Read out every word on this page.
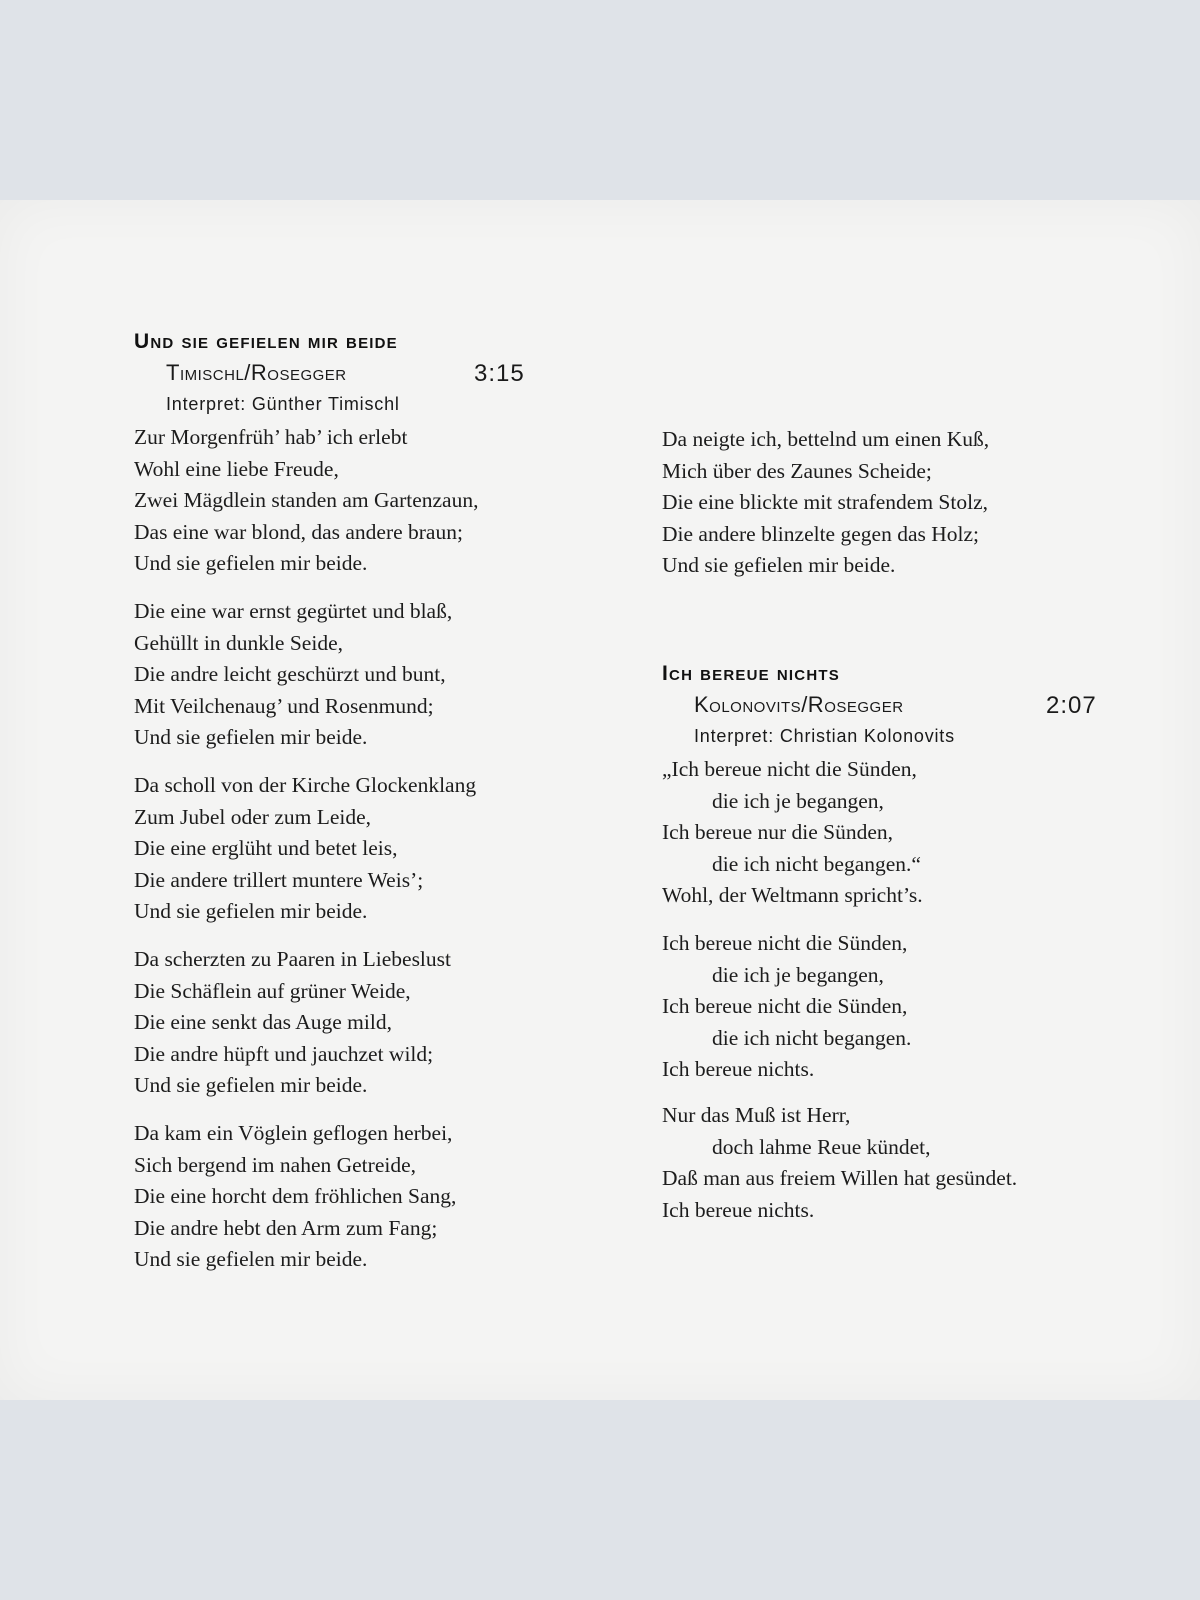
Und sie gefielen mir beide
Timischl/Rosegger	3:15
Interpret: Günther Timischl
Zur Morgenfrüh’ hab’ ich erlebt
Wohl eine liebe Freude,
Zwei Mägdlein standen am Gartenzaun,
Das eine war blond, das andere braun;
Und sie gefielen mir beide.
Die eine war ernst gegürtet und blaß,
Gehüllt in dunkle Seide,
Die andre leicht geschürzt und bunt,
Mit Veilchenaug’ und Rosenmund;
Und sie gefielen mir beide.
Da scholl von der Kirche Glockenklang
Zum Jubel oder zum Leide,
Die eine erglüht und betet leis,
Die andere trillert muntere Weis’;
Und sie gefielen mir beide.
Da scherzten zu Paaren in Liebeslust
Die Schäflein auf grüner Weide,
Die eine senkt das Auge mild,
Die andre hüpft und jauchzet wild;
Und sie gefielen mir beide.
Da kam ein Vöglein geflogen herbei,
Sich bergend im nahen Getreide,
Die eine horcht dem fröhlichen Sang,
Die andre hebt den Arm zum Fang;
Und sie gefielen mir beide.
Da neigte ich, bettelnd um einen Kuß,
Mich über des Zaunes Scheide;
Die eine blickte mit strafendem Stolz,
Die andere blinzelte gegen das Holz;
Und sie gefielen mir beide.
Ich bereue nichts
Kolonovits/Rosegger	2:07
Interpret: Christian Kolonovits
„Ich bereue nicht die Sünden,
die ich je begangen,
Ich bereue nur die Sünden,
die ich nicht begangen.“
Wohl, der Weltmann spricht’s.
Ich bereue nicht die Sünden,
die ich je begangen,
Ich bereue nicht die Sünden,
die ich nicht begangen.
Ich bereue nichts.
Nur das Muß ist Herr,
doch lahme Reue kündet,
Daß man aus freiem Willen hat gesündet.
Ich bereue nichts.
